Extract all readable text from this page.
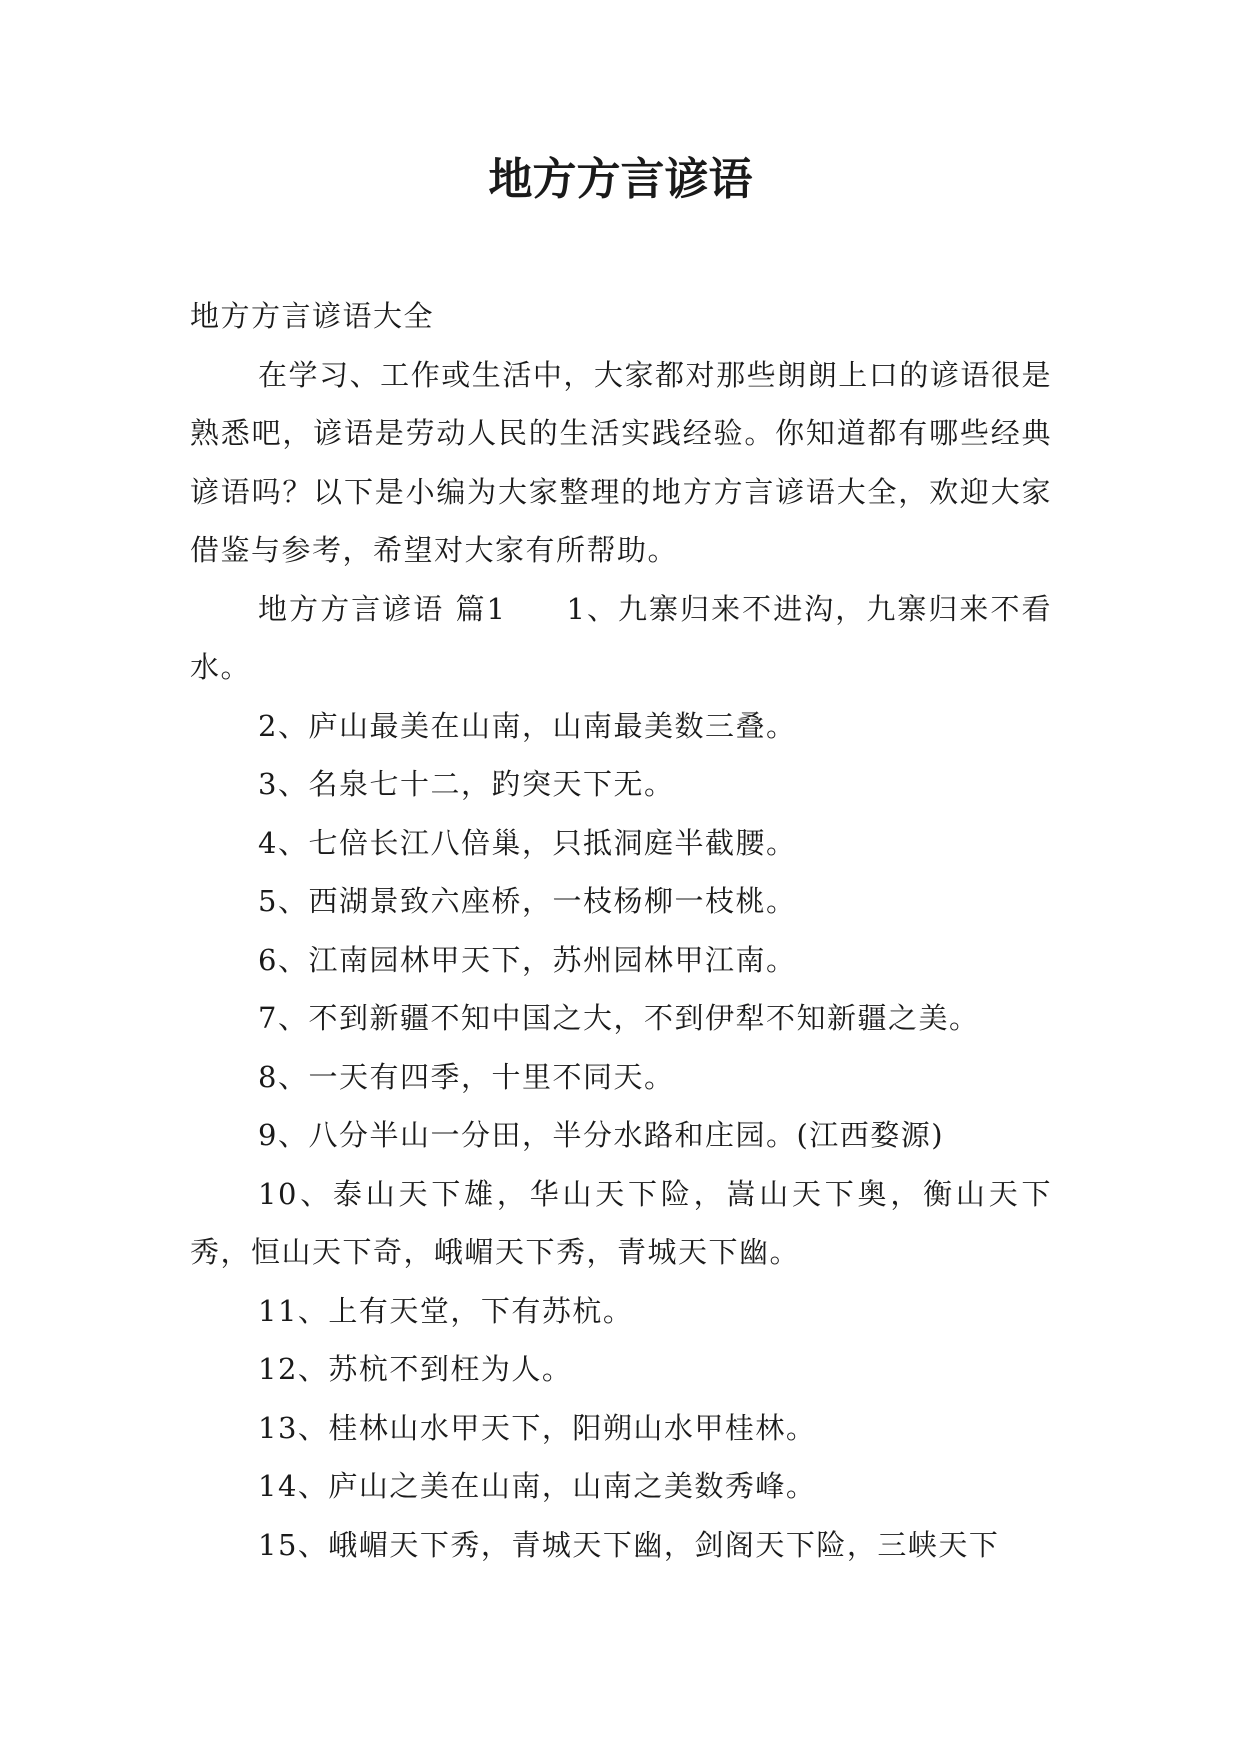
地方方言谚语

地方方言谚语大全

在学习、工作或生活中，大家都对那些朗朗上口的谚语很是熟悉吧，谚语是劳动人民的生活实践经验。你知道都有哪些经典谚语吗？以下是小编为大家整理的地方方言谚语大全，欢迎大家借鉴与参考，希望对大家有所帮助。

地方方言谚语 篇1 1、九寨归来不进沟，九寨归来不看水。

2、庐山最美在山南，山南最美数三叠。

3、名泉七十二，趵突天下无。

4、七倍长江八倍巢，只抵洞庭半截腰。

5、西湖景致六座桥，一枝杨柳一枝桃。

6、江南园林甲天下，苏州园林甲江南。

7、不到新疆不知中国之大，不到伊犁不知新疆之美。

8、一天有四季，十里不同天。

9、八分半山一分田，半分水路和庄园。(江西婺源)

10、泰山天下雄，华山天下险，嵩山天下奥，衡山天下秀，恒山天下奇，峨嵋天下秀，青城天下幽。

11、上有天堂，下有苏杭。

12、苏杭不到枉为人。

13、桂林山水甲天下，阳朔山水甲桂林。

14、庐山之美在山南，山南之美数秀峰。

15、峨嵋天下秀，青城天下幽，剑阁天下险，三峡天下
